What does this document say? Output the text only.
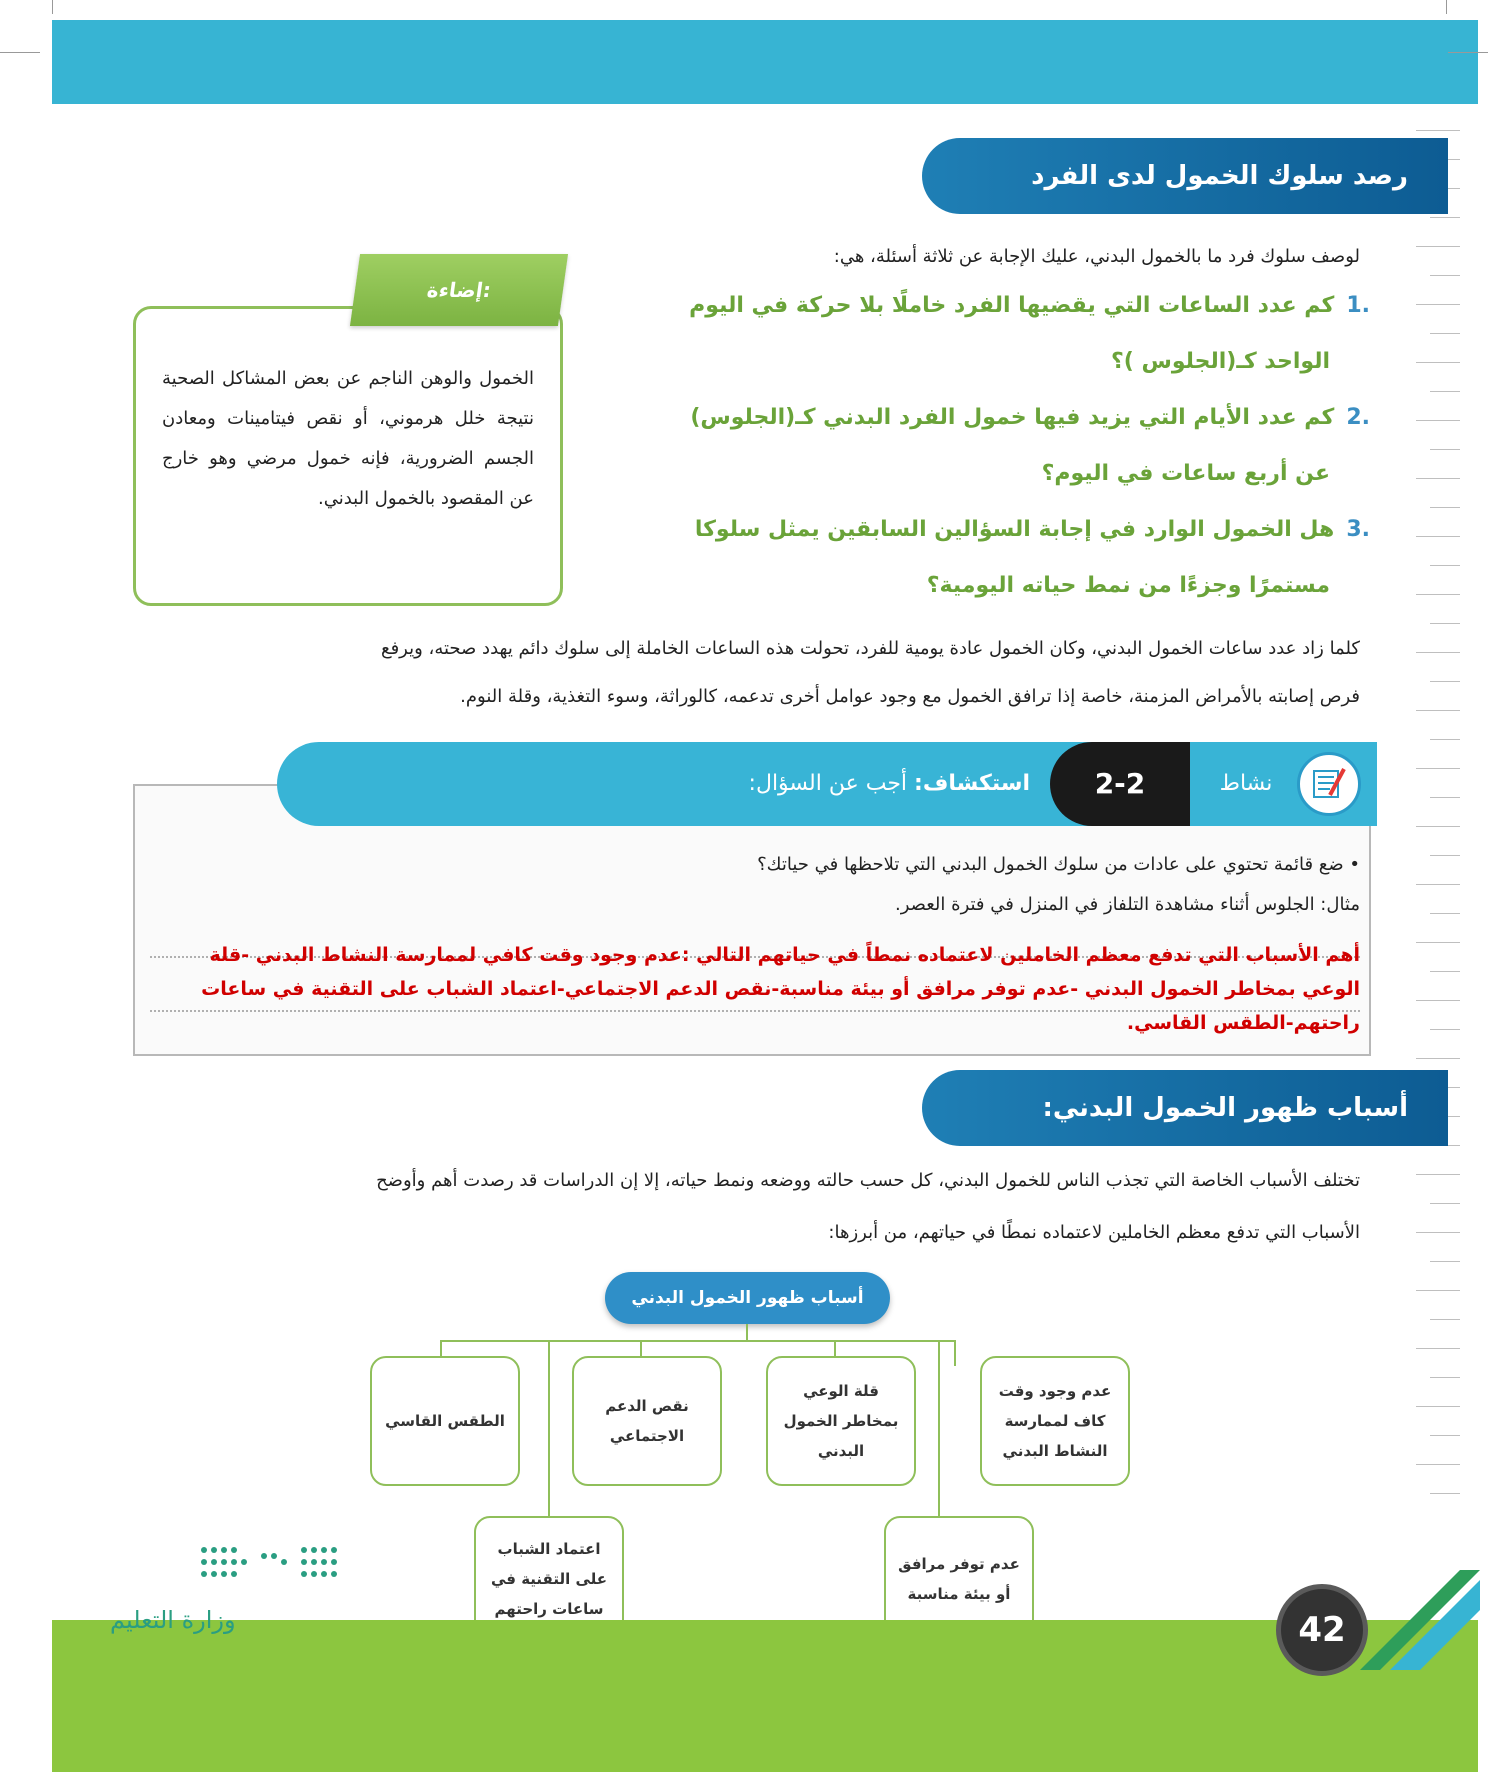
رصد سلوك الخمول لدى الفرد
لوصف سلوك فرد ما بالخمول البدني، عليك الإجابة عن ثلاثة أسئلة، هي:
.1كم عدد الساعات التي يقضيها الفرد خاملًا بلا حركة في اليوم
الواحد كـ(الجلوس )؟
.2كم عدد الأيام التي يزيد فيها خمول الفرد البدني كـ(الجلوس)
عن أربع ساعات في اليوم؟
.3هل الخمول الوارد في إجابة السؤالين السابقين يمثل سلوكا
مستمرًا وجزءًا من نمط حياته اليومية؟
الخمول والوهن الناجم عن بعض المشاكل الصحية نتيجة خلل هرموني، أو نقص فيتامينات ومعادن الجسم الضرورية، فإنه خمول مرضي وهو خارج عن المقصود بالخمول البدني.
إضاءة:
كلما زاد عدد ساعات الخمول البدني، وكان الخمول عادة يومية للفرد، تحولت هذه الساعات الخاملة إلى سلوك دائم يهدد صحته، ويرفع
فرص إصابته بالأمراض المزمنة، خاصة إذا ترافق الخمول مع وجود عوامل أخرى تدعمه، كالوراثة، وسوء التغذية، وقلة النوم.
نشاط
2-2
استكشاف: أجب عن السؤال:
• ضع قائمة تحتوي على عادات من سلوك الخمول البدني التي تلاحظها في حياتك؟
مثال: الجلوس أثناء مشاهدة التلفاز في المنزل في فترة العصر.
أهم الأسباب التي تدفع معظم الخاملين لاعتماده نمطاً في حياتهم التالي :عدم وجود وقت كافي لممارسة النشاط البدني -قلة الوعي بمخاطر الخمول البدني -عدم توفر مرافق أو بيئة مناسبة-نقص الدعم الاجتماعي-اعتماد الشباب على التقنية في ساعات راحتهم-الطقس القاسي.
أسباب ظهور الخمول البدني:
تختلف الأسباب الخاصة التي تجذب الناس للخمول البدني، كل حسب حالته ووضعه ونمط حياته، إلا إن الدراسات قد رصدت أهم وأوضح
الأسباب التي تدفع معظم الخاملين لاعتماده نمطًا في حياتهم، من أبرزها:
أسباب ظهور الخمول البدني
عدم وجود وقت كاف لممارسة النشاط البدني
قلة الوعي بمخاطر الخمول البدني
نقص الدعم الاجتماعي
الطقس القاسي
عدم توفر مرافق أو بيئة مناسبة
اعتماد الشباب على التقنية في ساعات راحتهم
42
وزارة التعليم
